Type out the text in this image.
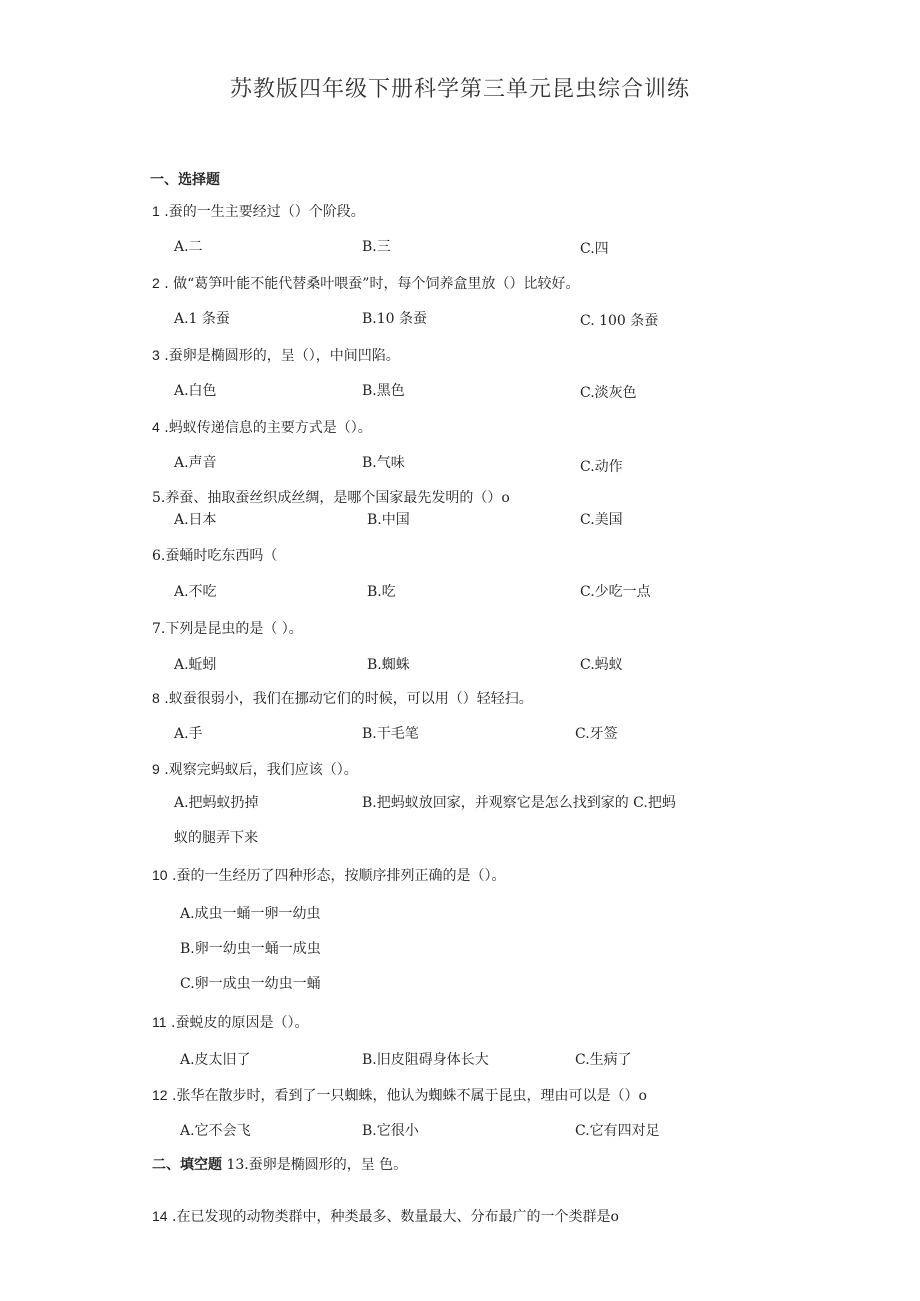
苏教版四年级下册科学第三单元昆虫综合训练
一、选择题
1 .蚕的一生主要经过（）个阶段。
A.二	B.三	C.四
2 . 做“葛笋叶能不能代替桑叶喂蚕”时，每个饲养盒里放（）比较好。
A.1 条蚕	B.10 条蚕	C. 100 条蚕
3 .蚕卵是椭圆形的，呈（），中间凹陷。
A.白色	B.黑色	C.淡灰色
4 .蚂蚁传递信息的主要方式是（）。
A.声音	B.气味	C.动作
5.养蚕、抽取蚕丝织成丝绸，是哪个国家最先发明的（）o
A.日本	B.中国	C.美国
6.蚕蛹时吃东西吗（
A.不吃	B.吃	C.少吃一点
7.下列是昆虫的是（ ）。
A.蚯蚓	B.蜘蛛	C.蚂蚁
8 .蚁蚕很弱小，我们在挪动它们的时候，可以用（）轻轻扫。
A.手	B.干毛笔	C.牙签
9 .观察完蚂蚁后，我们应该（）。
A.把蚂蚁扔掉	B.把蚂蚁放回家，并观察它是怎么找到家的 C.把蚂
蚁的腿弄下来
10 .蚕的一生经历了四种形态，按顺序排列正确的是（）。
A.成虫一蛹一卵一幼虫
B.卵一幼虫一蛹一成虫
C.卵一成虫一幼虫一蛹
11 .蚕蜕皮的原因是（）。
A.皮太旧了	B.旧皮阻碍身体长大	C.生病了
12 .张华在散步时，看到了一只蜘蛛，他认为蜘蛛不属于昆虫，理由可以是（）o
A.它不会飞	B.它很小	C.它有四对足
二、填空题 13.蚕卵是椭圆形的，呈 色。
14 .在已发现的动物类群中，种类最多、数量最大、分布最广的一个类群是o
